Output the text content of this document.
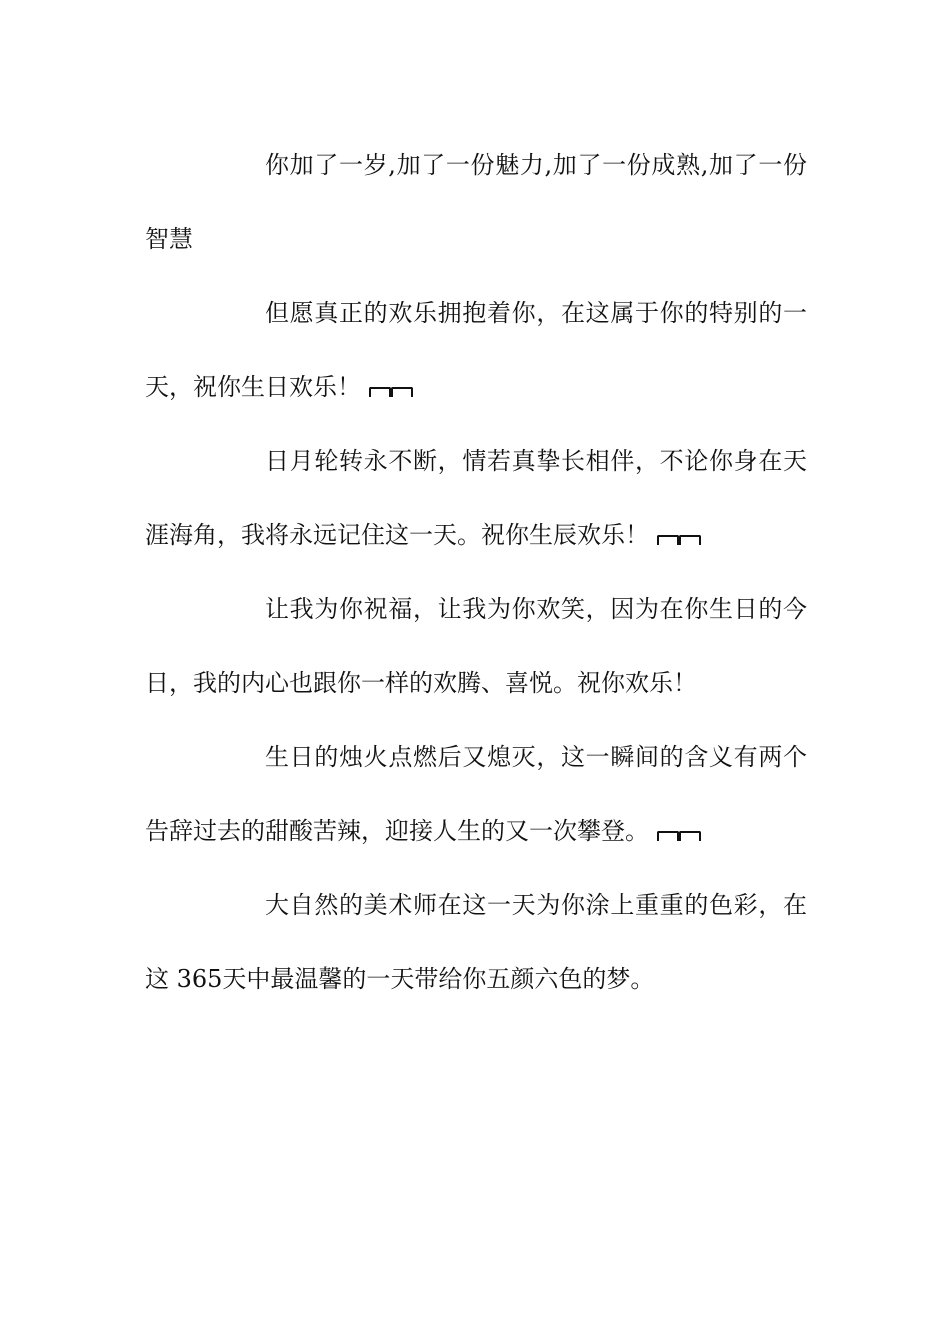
你加了一岁,加了一份魅力,加了一份成熟,加了一份智慧

但愿真正的欢乐拥抱着你，在这属于你的特别的一天，祝你生日欢乐！

日月轮转永不断，情若真挚长相伴，不论你身在天涯海角，我将永远记住这一天。祝你生辰欢乐！

让我为你祝福，让我为你欢笑，因为在你生日的今日，我的内心也跟你一样的欢腾、喜悦。祝你欢乐！

生日的烛火点燃后又熄灭，这一瞬间的含义有两个告辞过去的甜酸苦辣，迎接人生的又一次攀登。

大自然的美术师在这一天为你涂上重重的色彩，在这 365天中最温馨的一天带给你五颜六色的梦。
